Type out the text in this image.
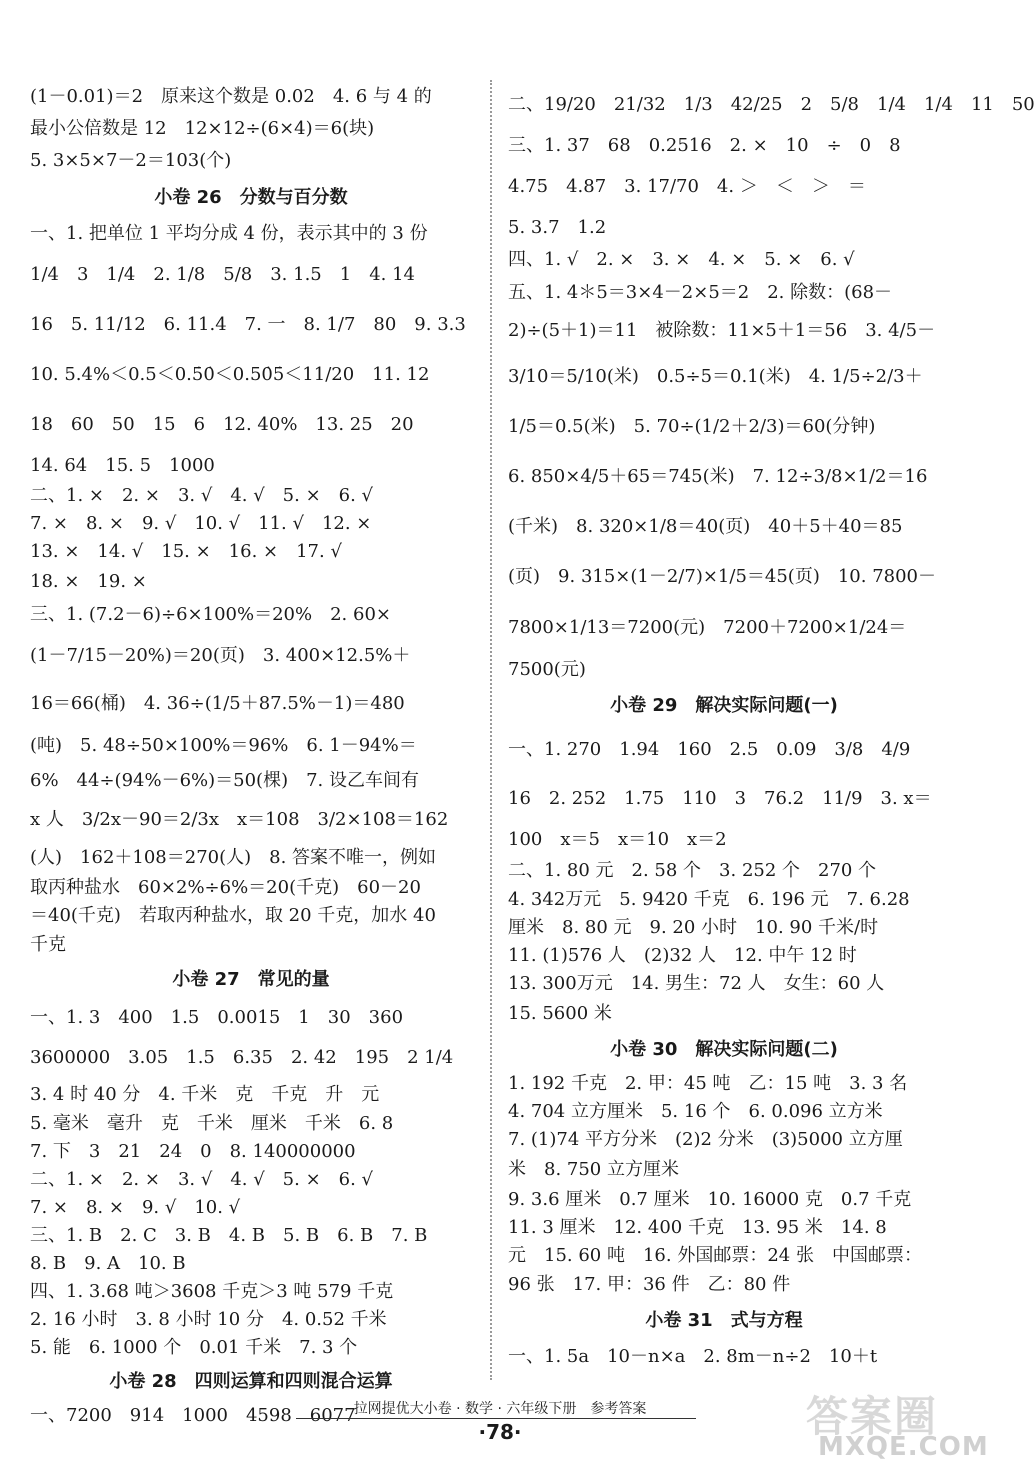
(1－0.01)＝2　原来这个数是 0.02　4. 6 与 4 的
最小公倍数是 12　12×12÷(6×4)＝6(块)
5. 3×5×7－2＝103(个)
小卷 26　分数与百分数
一、1. 把单位 1 平均分成 4 份，表示其中的 3 份
1/4　3　1/4　2. 1/8　5/8　3. 1.5　1　4. 14
16　5. 11/12　6. 11.4　7. 一　8. 1/7　80　9. 3.3
10. 5.4%＜0.5＜0.5̇0̇＜0.50̇5̇＜11/20　11. 12
18　60　50　15　6　12. 40%　13. 25　20
14. 64　15. 5　1000
二、1. ×　2. ×　3. √　4. √　5. ×　6. √
7. ×　8. ×　9. √　10. √　11. √　12. ×
13. ×　14. √　15. ×　16. ×　17. √
18. ×　19. ×
三、1. (7.2－6)÷6×100%＝20%　2. 60×
(1－7/15－20%)＝20(页)　3. 400×12.5%＋
16＝66(桶)　4. 36÷(1/5＋87.5%－1)＝480
(吨)　5. 48÷50×100%＝96%　6. 1－94%＝
6%　44÷(94%－6%)＝50(棵)　7. 设乙车间有
x 人　3/2x－90＝2/3x　x＝108　3/2×108＝162
(人)　162＋108＝270(人)　8. 答案不唯一，例如
取丙种盐水　60×2%÷6%＝20(千克)　60－20
＝40(千克)　若取丙种盐水，取 20 千克，加水 40
千克
小卷 27　常见的量
一、1. 3　400　1.5　0.0015　1　30　360
3600000　3.05　1.5　6.35　2. 42　195　2 1/4
3. 4 时 40 分　4. 千米　克　千克　升　元
5. 毫米　毫升　克　千米　厘米　千米　6. 8
7. 下　3　21　24　0　8. 140000000
二、1. ×　2. ×　3. √　4. √　5. ×　6. √
7. ×　8. ×　9. √　10. √
三、1. B　2. C　3. B　4. B　5. B　6. B　7. B
8. B　9. A　10. B
四、1. 3.68 吨＞3608 千克＞3 吨 579 千克
2. 16 小时　3. 8 小时 10 分　4. 0.52 千米
5. 能　6. 1000 个　0.01 千米　7. 3 个
小卷 28　四则运算和四则混合运算
一、7200　914　1000　4598　6077
二、19/20　21/32　1/3　42/25　2　5/8　1/4　1/4　11　50
三、1. 37　68　0.2516　2. ×　10　÷　0　8
4.75　4.87　3. 17/70　4. ＞　＜　＞　＝
5. 3.7　1.2
四、1. √　2. ×　3. ×　4. ×　5. ×　6. √
五、1. 4＊5＝3×4－2×5＝2　2. 除数：(68－
2)÷(5＋1)＝11　被除数：11×5＋1＝56　3. 4/5－
3/10＝5/10(米)　0.5÷5＝0.1(米)　4. 1/5÷2/3＋
1/5＝0.5(米)　5. 70÷(1/2＋2/3)＝60(分钟)
6. 850×4/5＋65＝745(米)　7. 12÷3/8×1/2＝16
(千米)　8. 320×1/8＝40(页)　40＋5＋40＝85
(页)　9. 315×(1－2/7)×1/5＝45(页)　10. 7800－
7800×1/13＝7200(元)　7200＋7200×1/24＝
7500(元)
小卷 29　解决实际问题(一)
一、1. 270　1.94　160　2.5　0.09　3/8　4/9
16　2. 252　1.75　110　3　76.2　11/9　3. x＝
100　x＝5　x＝10　x＝2
二、1. 80 元　2. 58 个　3. 252 个　270 个
4. 342万元　5. 9420 千克　6. 196 元　7. 6.28
厘米　8. 80 元　9. 20 小时　10. 90 千米/时
11. (1)576 人　(2)32 人　12. 中午 12 时
13. 300万元　14. 男生：72 人　女生：60 人
15. 5600 米
小卷 30　解决实际问题(二)
1. 192 千克　2. 甲：45 吨　乙：15 吨　3. 3 名
4. 704 立方厘米　5. 16 个　6. 0.096 立方米
7. (1)74 平方分米　(2)2 分米　(3)5000 立方厘
米　8. 750 立方厘米
9. 3.6 厘米　0.7 厘米　10. 16000 克　0.7 千克
11. 3 厘米　12. 400 千克　13. 95 米　14. 8
元　15. 60 吨　16. 外国邮票：24 张　中国邮票：
96 张　17. 甲：36 件　乙：80 件
小卷 31　式与方程
一、1. 5a　10－n×a　2. 8m－n÷2　10＋t
拉网提优大小卷 · 数学 · 六年级下册　参考答案
·78·	答案圈
MXQE.COM
